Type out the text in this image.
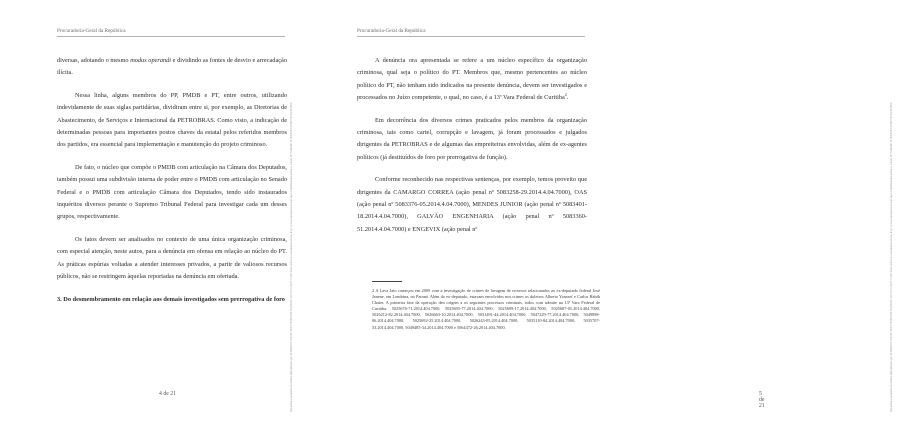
Procuradoria-Geral da República

diversas, adotando o mesmo modus operandi e dividindo as fontes de desvio e arrecadação ilícita.

Nessa linha, alguns membros do PP, PMDB e PT, entre outros, utilizando indevidamente de suas siglas partidárias, dividiram entre si, por exemplo, as Diretorias de Abastecimento, de Serviços e Internacional da PETROBRAS. Como visto, a indicação de determinadas pessoas para importantes postos chaves da estatal pelos referidos membros dos partidos, era essencial para implementação e manutenção do projeto criminoso.

De fato, o núcleo que compõe o PMDB com articulação na Câmara dos Deputados, também possui uma subdivisão interna de poder entre o PMDB com articulação no Senado Federal e o PMDB com articulação Câmara dos Deputados, tendo sido instaurados inquéritos diversos perante o Supremo Tribunal Federal para investigar cada um desses grupos, respectivamente.

Os fatos devem ser analisados no contexto de uma única organização criminosa, com especial atenção, neste autos, para a denúncia em ofensa em relação ao núcleo do PT. As práticas espúrias voltadas a atender interesses privados, a partir de valiosos recursos públicos, não se restringem àquelas reportadas na denúncia em ofertada.

3. Do desmembramento em relação aos demais investigados sem prerrogativa de foro	Documento assinado via Token digitalmente por RODRIGO JANOT MONTEIRO DE BARROS, em 21/11/2017 11:49. Para verificar a assinatura acesse http://www.transparencia.mpf.mp.br/validacaodocumento. Chave 9C7A6D4E.3F1B2A08.51C6E7D3.8A4F2B19
4 de 21
Procuradoria-Geral da República

A denúncia ora apresentada se refere a um núcleo específico da organização criminosa, qual seja o político do PT. Membros que, mesmo pertencentes ao núcleo político do PT, não tenham sido indicados na presente denúncia, devem ser investigados e processados no Juízo competente, o qual, no caso, é a 13ª Vara Federal de Curitiba$^2$.

Em decorrência dos diversos crimes praticados pelos membros da organização criminosa, tais como cartel, corrupção e lavagem, já foram processados e julgados dirigentes da PETROBRAS e de algumas das empreiteiras envolvidas, além de ex-agentes políticos (já destituídos de foro por prerrogativa de função).

Conforme reconhecido nas respectivas sentenças, por exemplo, temos proveito que dirigentes da CAMARGO CORREA (ação penal nº 5083258-29.2014.4.04.7000), OAS (ação penal nº 5083376-05.2014.4.04.7000), MENDES JUNIOR (ação penal nº 5083401-18.2014.4.04.7000), GALVÃO ENGENHARIA (ação penal nº 5083360-51.2014.4.04.7000) e ENGEVIX (ação penal nº	Documento assinado via Token digitalmente por RODRIGO JANOT MONTEIRO DE BARROS, em 21/11/2017 11:49. Para verificar a assinatura acesse http://www.transparencia.mpf.mp.br/validacaodocumento. Chave 9C7A6D4E.3F1B2A08.51C6E7D3.8A4F2B19
5 de 21
2 A Lava Jato começou em 2009 com a investigação de crimes de lavagem de recursos relacionados ao ex-deputado federal José Janene, em Londrina, no Paraná. Além do ex-deputado, estavam envolvidos nos crimes os doleiros Alberto Youssef e Carlos Habib Chater. A primeira fase da operação deu origem a os seguintes processos criminais, todos com trâmite na 13ª Vara Federal de Curitiba: 5025676-71.2014.404.7000, 5025695-77.2014.404.7000, 5025699-17.2014.404.7000, 5025687-05.2014.404.7000, 5026212-82.2014.404.7000, 5026663-10.2014.404.7000, 5031491-44.2014.404.7000, 5047229-77.2014.404.7000, 5049898-06.2014.404.7000, 5025692-25.2014.404.7000, 5026243-05.2014.404.7000, 5035110-84.2014.404.7000, 5035707-53.2014.404.7000, 5049485-34.2014.404.7000 e 5064472-26.2014.404.7000.
